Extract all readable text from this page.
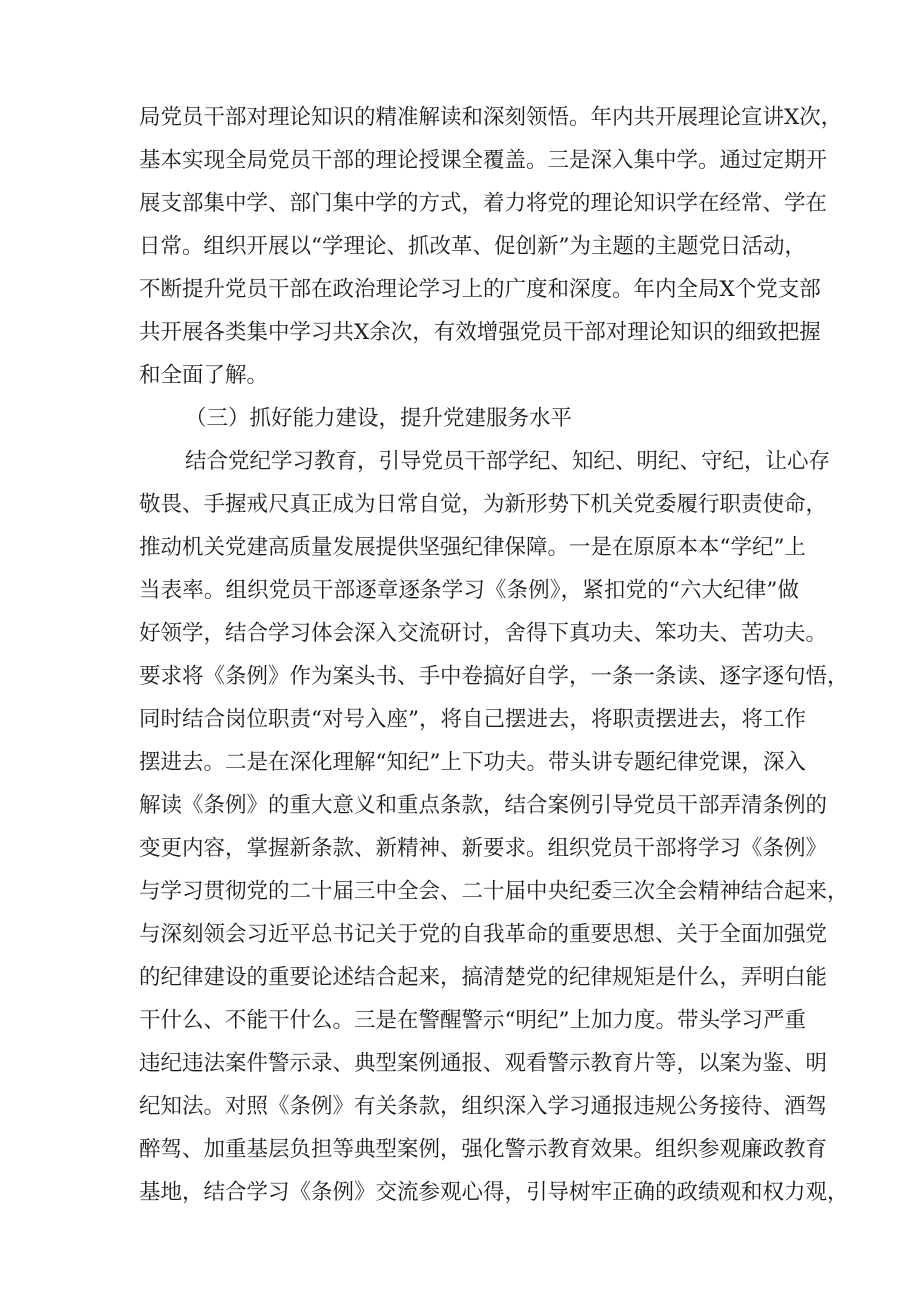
局党员干部对理论知识的精准解读和深刻领悟。年内共开展理论宣讲X次，
基本实现全局党员干部的理论授课全覆盖。三是深入集中学。通过定期开
展支部集中学、部门集中学的方式，着力将党的理论知识学在经常、学在
日常。组织开展以“学理论、抓改革、促创新”为主题的主题党日活动，
不断提升党员干部在政治理论学习上的广度和深度。年内全局X个党支部
共开展各类集中学习共X余次，有效增强党员干部对理论知识的细致把握
和全面了解。
（三）抓好能力建设，提升党建服务水平
结合党纪学习教育，引导党员干部学纪、知纪、明纪、守纪，让心存
敬畏、手握戒尺真正成为日常自觉，为新形势下机关党委履行职责使命，
推动机关党建高质量发展提供坚强纪律保障。一是在原原本本“学纪”上
当表率。组织党员干部逐章逐条学习《条例》，紧扣党的“六大纪律”做
好领学，结合学习体会深入交流研讨，舍得下真功夫、笨功夫、苦功夫。
要求将《条例》作为案头书、手中卷搞好自学，一条一条读、逐字逐句悟，
同时结合岗位职责“对号入座”，将自己摆进去，将职责摆进去，将工作
摆进去。二是在深化理解“知纪”上下功夫。带头讲专题纪律党课，深入
解读《条例》的重大意义和重点条款，结合案例引导党员干部弄清条例的
变更内容，掌握新条款、新精神、新要求。组织党员干部将学习《条例》
与学习贯彻党的二十届三中全会、二十届中央纪委三次全会精神结合起来，
与深刻领会习近平总书记关于党的自我革命的重要思想、关于全面加强党
的纪律建设的重要论述结合起来，搞清楚党的纪律规矩是什么，弄明白能
干什么、不能干什么。三是在警醒警示“明纪”上加力度。带头学习严重
违纪违法案件警示录、典型案例通报、观看警示教育片等，以案为鉴、明
纪知法。对照《条例》有关条款，组织深入学习通报违规公务接待、酒驾
醉驾、加重基层负担等典型案例，强化警示教育效果。组织参观廉政教育
基地，结合学习《条例》交流参观心得，引导树牢正确的政绩观和权力观，
